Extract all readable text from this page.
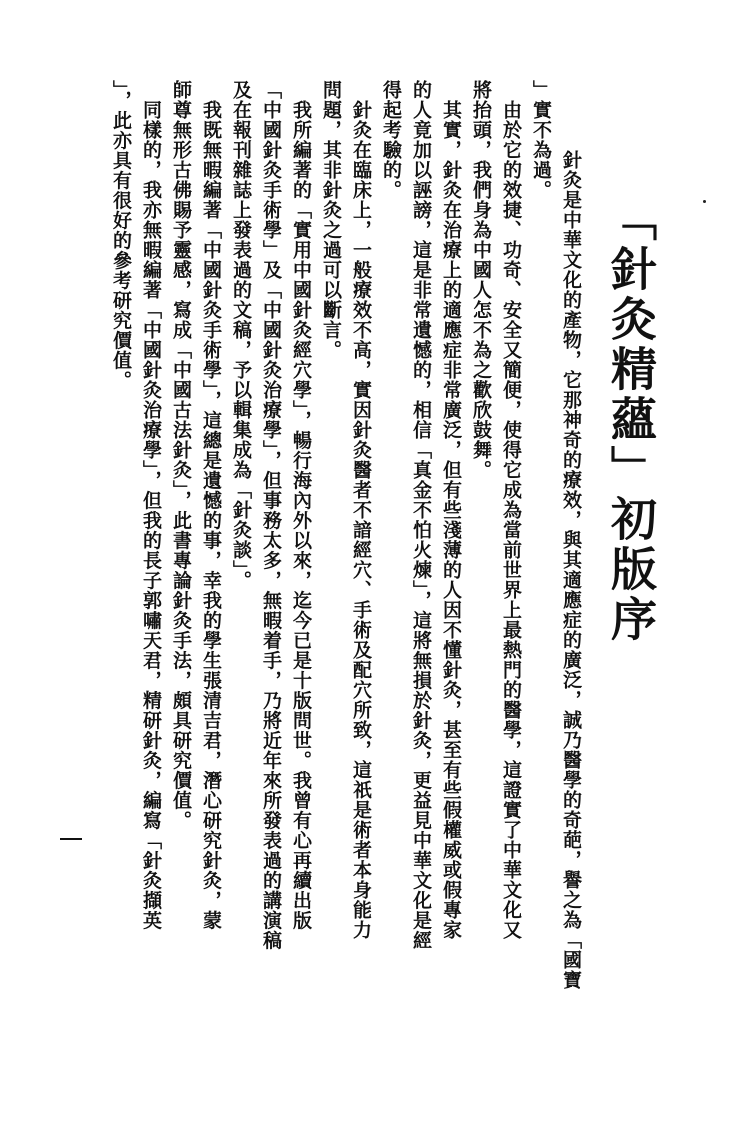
「針灸精蘊」初版序
針灸是中華文化的產物，它那神奇的療效，與其適應症的廣泛，誠乃醫學的奇葩，譽之為「國寶
」實不為過。
由於它的效捷、功奇、安全又簡便，使得它成為當前世界上最熱門的醫學，這證實了中華文化又
將抬頭，我們身為中國人怎不為之歡欣鼓舞。
其實，針灸在治療上的適應症非常廣泛，但有些淺薄的人因不懂針灸，甚至有些假權威或假專家
的人竟加以誣謗，這是非常遺憾的，相信「真金不怕火煉」，這將無損於針灸，更益見中華文化是經
得起考驗的。
針灸在臨床上，一般療效不高，實因針灸醫者不諳經穴、手術及配穴所致，這祇是術者本身能力
問題，其非針灸之過可以斷言。
我所編著的「實用中國針灸經穴學」，暢行海內外以來，迄今已是十版問世。我曾有心再續出版
「中國針灸手術學」及「中國針灸治療學」，但事務太多，無暇着手，乃將近年來所發表過的講演稿
及在報刊雜誌上發表過的文稿，予以輯集成為「針灸談」。
我既無暇編著「中國針灸手術學」，這總是遺憾的事，幸我的學生張清吉君，潛心研究針灸，蒙
師尊無形古佛賜予靈感，寫成「中國古法針灸」，此書專論針灸手法，頗具研究價值。
同樣的，我亦無暇編著「中國針灸治療學」，但我的長子郭嘯天君，精研針灸，編寫「針灸擷英
」，此亦具有很好的參考研究價值。
